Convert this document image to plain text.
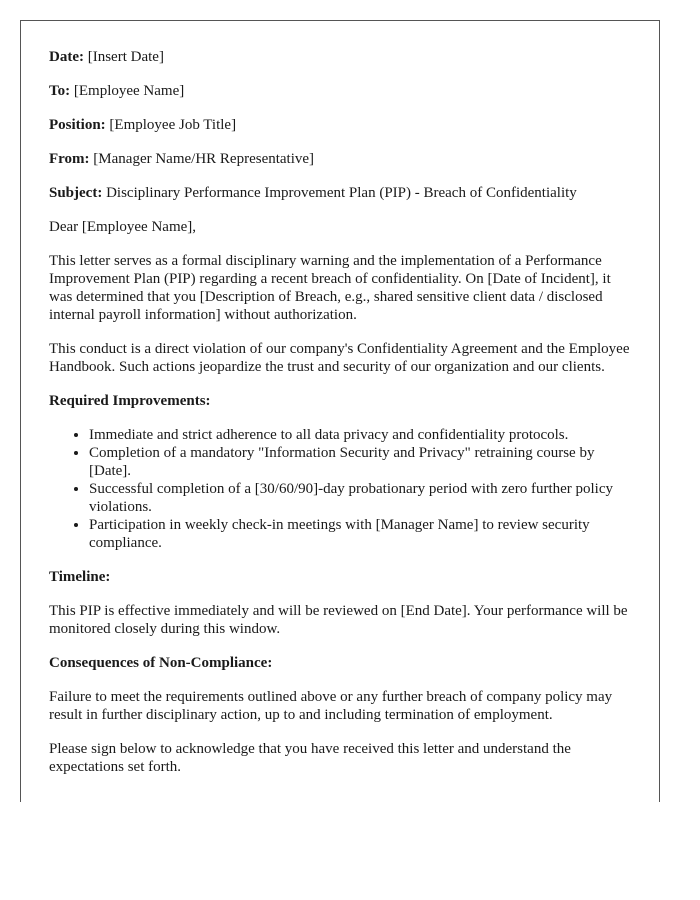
Date: [Insert Date]

To: [Employee Name]

Position: [Employee Job Title]

From: [Manager Name/HR Representative]

Subject: Disciplinary Performance Improvement Plan (PIP) - Breach of Confidentiality

Dear [Employee Name],

This letter serves as a formal disciplinary warning and the implementation of a Performance Improvement Plan (PIP) regarding a recent breach of confidentiality. On [Date of Incident], it was determined that you [Description of Breach, e.g., shared sensitive client data / disclosed internal payroll information] without authorization.

This conduct is a direct violation of our company's Confidentiality Agreement and the Employee Handbook. Such actions jeopardize the trust and security of our organization and our clients.

Required Improvements:

• Immediate and strict adherence to all data privacy and confidentiality protocols.
• Completion of a mandatory "Information Security and Privacy" retraining course by [Date].
• Successful completion of a [30/60/90]-day probationary period with zero further policy violations.
• Participation in weekly check-in meetings with [Manager Name] to review security compliance.

Timeline:

This PIP is effective immediately and will be reviewed on [End Date]. Your performance will be monitored closely during this window.

Consequences of Non-Compliance:

Failure to meet the requirements outlined above or any further breach of company policy may result in further disciplinary action, up to and including termination of employment.

Please sign below to acknowledge that you have received this letter and understand the expectations set forth.
